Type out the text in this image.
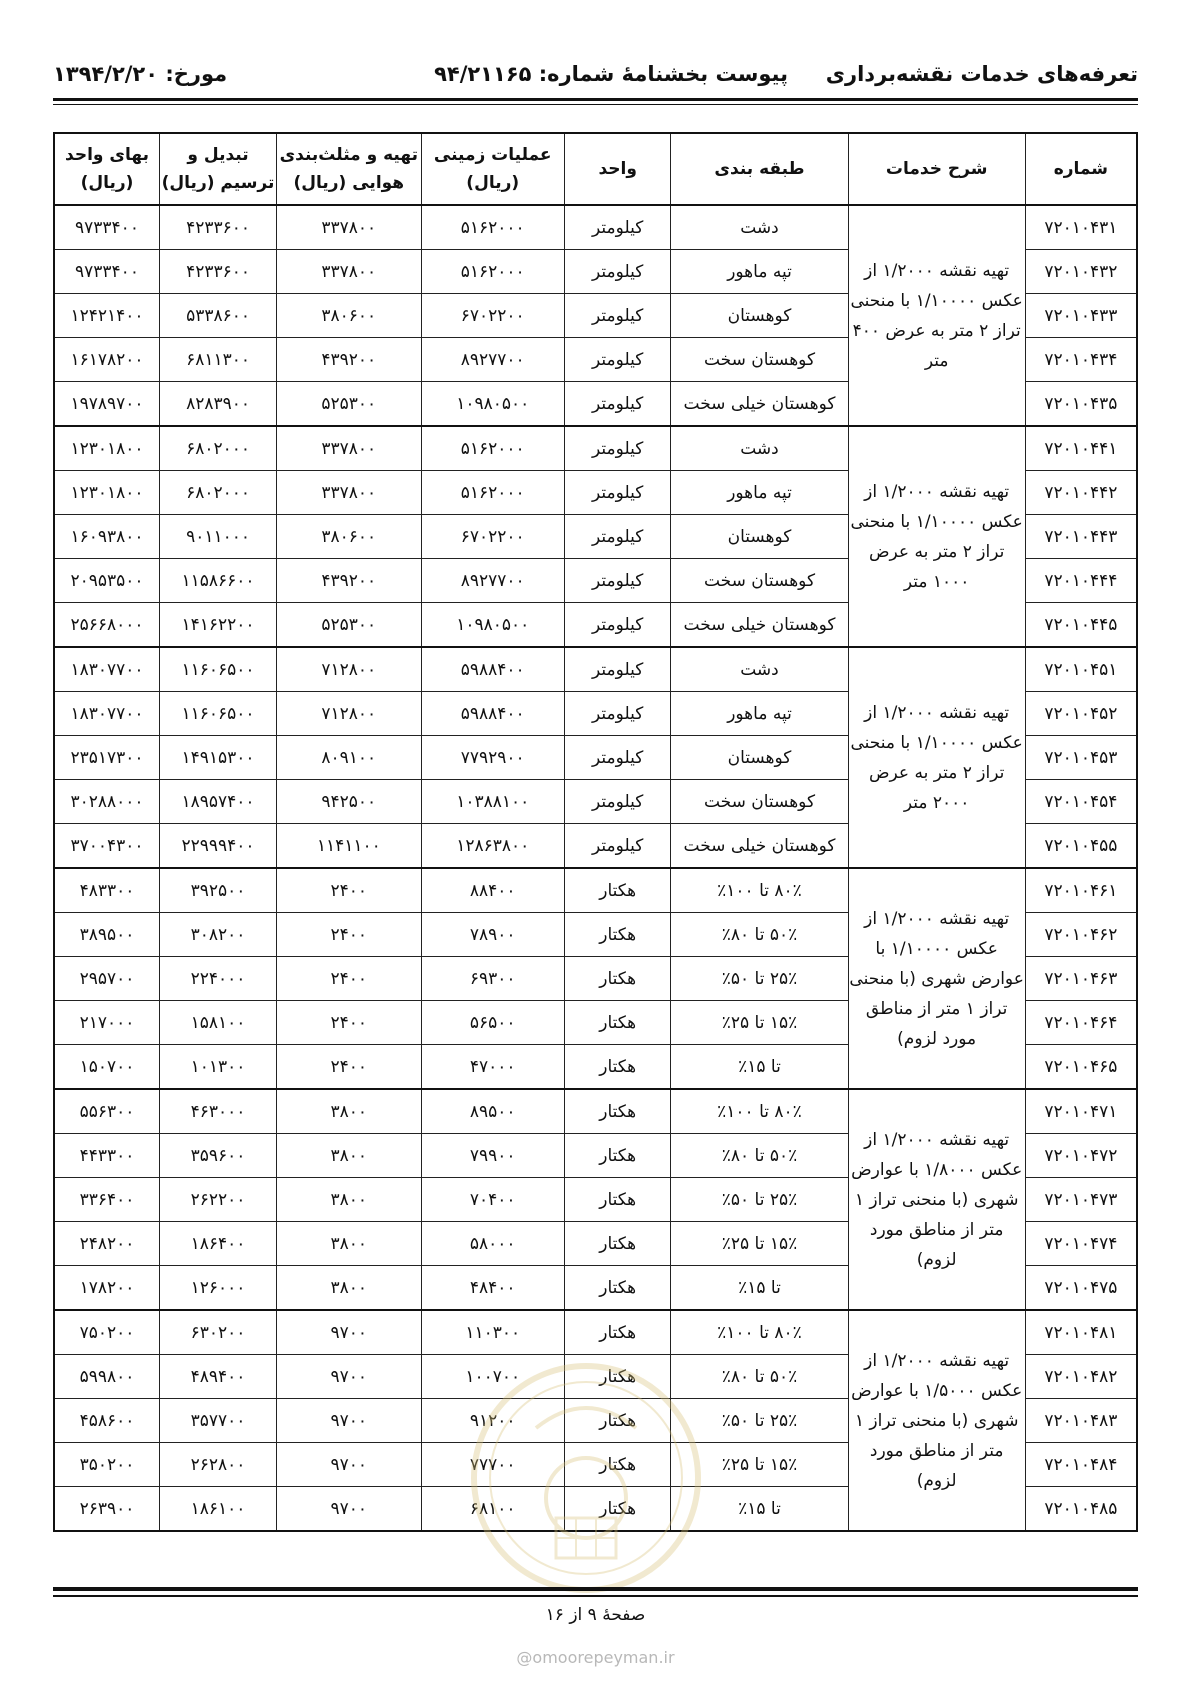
تعرفه‌های خدمات نقشه‌برداری
پیوست بخشنامهٔ شماره: ۹۴/۲۱۱۶۵
مورخ: ۱۳۹۴/۲/۲۰
شماره	شرح خدمات	طبقه بندی	واحد	عملیات زمینی (ریال)	تهیه و مثلث‌بندی هوایی (ریال)	تبدیل و ترسیم (ریال)	بهای واحد (ریال)
۷۲۰۱۰۴۳۱	تهیه نقشه ۱/۲۰۰۰ از عکس ۱/۱۰۰۰۰ با منحنی تراز ۲ متر به عرض ۴۰۰ متر	دشت	کیلومتر	۵۱۶۲۰۰۰	۳۳۷۸۰۰	۴۲۳۳۶۰۰	۹۷۳۳۴۰۰
۷۲۰۱۰۴۳۲		تپه ماهور	کیلومتر	۵۱۶۲۰۰۰	۳۳۷۸۰۰	۴۲۳۳۶۰۰	۹۷۳۳۴۰۰
۷۲۰۱۰۴۳۳		کوهستان	کیلومتر	۶۷۰۲۲۰۰	۳۸۰۶۰۰	۵۳۳۸۶۰۰	۱۲۴۲۱۴۰۰
۷۲۰۱۰۴۳۴		کوهستان سخت	کیلومتر	۸۹۲۷۷۰۰	۴۳۹۲۰۰	۶۸۱۱۳۰۰	۱۶۱۷۸۲۰۰
۷۲۰۱۰۴۳۵		کوهستان خیلی سخت	کیلومتر	۱۰۹۸۰۵۰۰	۵۲۵۳۰۰	۸۲۸۳۹۰۰	۱۹۷۸۹۷۰۰
۷۲۰۱۰۴۴۱	تهیه نقشه ۱/۲۰۰۰ از عکس ۱/۱۰۰۰۰ با منحنی تراز ۲ متر به عرض ۱۰۰۰ متر	دشت	کیلومتر	۵۱۶۲۰۰۰	۳۳۷۸۰۰	۶۸۰۲۰۰۰	۱۲۳۰۱۸۰۰
۷۲۰۱۰۴۴۲		تپه ماهور	کیلومتر	۵۱۶۲۰۰۰	۳۳۷۸۰۰	۶۸۰۲۰۰۰	۱۲۳۰۱۸۰۰
۷۲۰۱۰۴۴۳		کوهستان	کیلومتر	۶۷۰۲۲۰۰	۳۸۰۶۰۰	۹۰۱۱۰۰۰	۱۶۰۹۳۸۰۰
۷۲۰۱۰۴۴۴		کوهستان سخت	کیلومتر	۸۹۲۷۷۰۰	۴۳۹۲۰۰	۱۱۵۸۶۶۰۰	۲۰۹۵۳۵۰۰
۷۲۰۱۰۴۴۵		کوهستان خیلی سخت	کیلومتر	۱۰۹۸۰۵۰۰	۵۲۵۳۰۰	۱۴۱۶۲۲۰۰	۲۵۶۶۸۰۰۰
۷۲۰۱۰۴۵۱	تهیه نقشه ۱/۲۰۰۰ از عکس ۱/۱۰۰۰۰ با منحنی تراز ۲ متر به عرض ۲۰۰۰ متر	دشت	کیلومتر	۵۹۸۸۴۰۰	۷۱۲۸۰۰	۱۱۶۰۶۵۰۰	۱۸۳۰۷۷۰۰
۷۲۰۱۰۴۵۲		تپه ماهور	کیلومتر	۵۹۸۸۴۰۰	۷۱۲۸۰۰	۱۱۶۰۶۵۰۰	۱۸۳۰۷۷۰۰
۷۲۰۱۰۴۵۳		کوهستان	کیلومتر	۷۷۹۲۹۰۰	۸۰۹۱۰۰	۱۴۹۱۵۳۰۰	۲۳۵۱۷۳۰۰
۷۲۰۱۰۴۵۴		کوهستان سخت	کیلومتر	۱۰۳۸۸۱۰۰	۹۴۲۵۰۰	۱۸۹۵۷۴۰۰	۳۰۲۸۸۰۰۰
۷۲۰۱۰۴۵۵		کوهستان خیلی سخت	کیلومتر	۱۲۸۶۳۸۰۰	۱۱۴۱۱۰۰	۲۲۹۹۹۴۰۰	۳۷۰۰۴۳۰۰
۷۲۰۱۰۴۶۱	تهیه نقشه ۱/۲۰۰۰ از عکس ۱/۱۰۰۰۰ با عوارض شهری (با منحنی تراز ۱ متر از مناطق مورد لزوم)	۸۰٪ تا ۱۰۰٪	هکتار	۸۸۴۰۰	۲۴۰۰	۳۹۲۵۰۰	۴۸۳۳۰۰
۷۲۰۱۰۴۶۲		۵۰٪ تا ۸۰٪	هکتار	۷۸۹۰۰	۲۴۰۰	۳۰۸۲۰۰	۳۸۹۵۰۰
۷۲۰۱۰۴۶۳		۲۵٪ تا ۵۰٪	هکتار	۶۹۳۰۰	۲۴۰۰	۲۲۴۰۰۰	۲۹۵۷۰۰
۷۲۰۱۰۴۶۴		۱۵٪ تا ۲۵٪	هکتار	۵۶۵۰۰	۲۴۰۰	۱۵۸۱۰۰	۲۱۷۰۰۰
۷۲۰۱۰۴۶۵		تا ۱۵٪	هکتار	۴۷۰۰۰	۲۴۰۰	۱۰۱۳۰۰	۱۵۰۷۰۰
۷۲۰۱۰۴۷۱	تهیه نقشه ۱/۲۰۰۰ از عکس ۱/۸۰۰۰ با عوارض شهری (با منحنی تراز ۱ متر از مناطق مورد لزوم)	۸۰٪ تا ۱۰۰٪	هکتار	۸۹۵۰۰	۳۸۰۰	۴۶۳۰۰۰	۵۵۶۳۰۰
۷۲۰۱۰۴۷۲		۵۰٪ تا ۸۰٪	هکتار	۷۹۹۰۰	۳۸۰۰	۳۵۹۶۰۰	۴۴۳۳۰۰
۷۲۰۱۰۴۷۳		۲۵٪ تا ۵۰٪	هکتار	۷۰۴۰۰	۳۸۰۰	۲۶۲۲۰۰	۳۳۶۴۰۰
۷۲۰۱۰۴۷۴		۱۵٪ تا ۲۵٪	هکتار	۵۸۰۰۰	۳۸۰۰	۱۸۶۴۰۰	۲۴۸۲۰۰
۷۲۰۱۰۴۷۵		تا ۱۵٪	هکتار	۴۸۴۰۰	۳۸۰۰	۱۲۶۰۰۰	۱۷۸۲۰۰
۷۲۰۱۰۴۸۱	تهیه نقشه ۱/۲۰۰۰ از عکس ۱/۵۰۰۰ با عوارض شهری (با منحنی تراز ۱ متر از مناطق مورد لزوم)	۸۰٪ تا ۱۰۰٪	هکتار	۱۱۰۳۰۰	۹۷۰۰	۶۳۰۲۰۰	۷۵۰۲۰۰
۷۲۰۱۰۴۸۲		۵۰٪ تا ۸۰٪	هکتار	۱۰۰۷۰۰	۹۷۰۰	۴۸۹۴۰۰	۵۹۹۸۰۰
۷۲۰۱۰۴۸۳		۲۵٪ تا ۵۰٪	هکتار	۹۱۲۰۰	۹۷۰۰	۳۵۷۷۰۰	۴۵۸۶۰۰
۷۲۰۱۰۴۸۴		۱۵٪ تا ۲۵٪	هکتار	۷۷۷۰۰	۹۷۰۰	۲۶۲۸۰۰	۳۵۰۲۰۰
۷۲۰۱۰۴۸۵		تا ۱۵٪	هکتار	۶۸۱۰۰	۹۷۰۰	۱۸۶۱۰۰	۲۶۳۹۰۰
صفحهٔ ۹ از ۱۶
@omoorepeyman.ir
